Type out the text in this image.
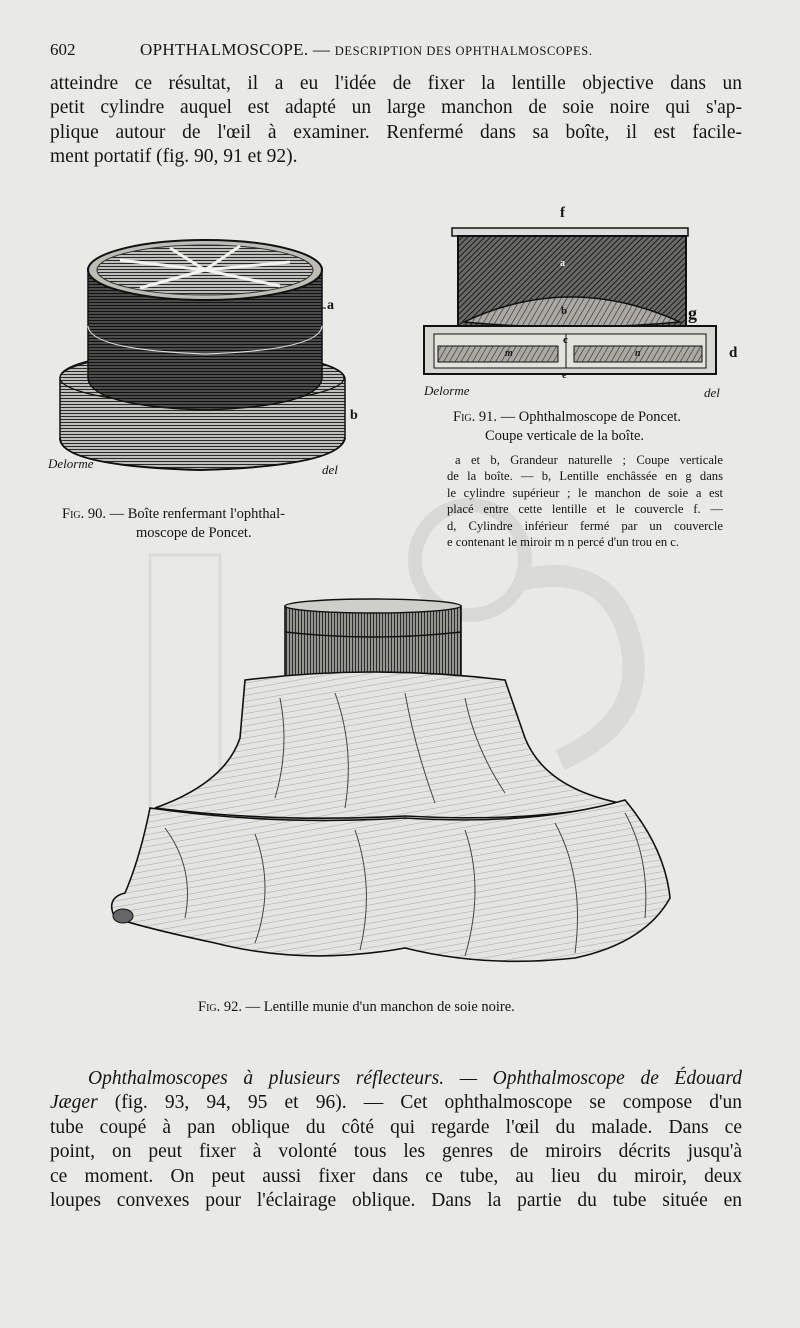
602	OPHTHALMOSCOPE. — DESCRIPTION DES OPHTHALMOSCOPES.
atteindre ce résultat, il a eu l'idée de fixer la lentille objective dans un
petit cylindre auquel est adapté un large manchon de soie noire qui s'ap-
plique autour de l'œil à examiner. Renfermé dans sa boîte, il est facile-
ment portatif (fig. 90, 91 et 92).
a
b
Delorme	del
Fig. 90. — Boîte renfermant l'ophthal-
moscope de Poncet.
f
a
b	g
c
m	n	d
e
Delorme	del
Fig. 91. — Ophthalmoscope de Poncet.
Coupe verticale de la boîte.
a et b, Grandeur naturelle ; Coupe verticale
de la boîte. — b, Lentille enchâssée en g dans
le cylindre supérieur ; le manchon de soie a est
placé entre cette lentille et le couvercle f. —
d, Cylindre inférieur fermé par un couvercle
e contenant le miroir m n percé d'un trou en c.
Fig. 92. — Lentille munie d'un manchon de soie noire.
Ophthalmoscopes à plusieurs réflecteurs. — Ophthalmoscope de Édouard
Jæger (fig. 93, 94, 95 et 96). — Cet ophthalmoscope se compose d'un
tube coupé à pan oblique du côté qui regarde l'œil du malade. Dans ce
point, on peut fixer à volonté tous les genres de miroirs décrits jusqu'à
ce moment. On peut aussi fixer dans ce tube, au lieu du miroir, deux
loupes convexes pour l'éclairage oblique. Dans la partie du tube située en
